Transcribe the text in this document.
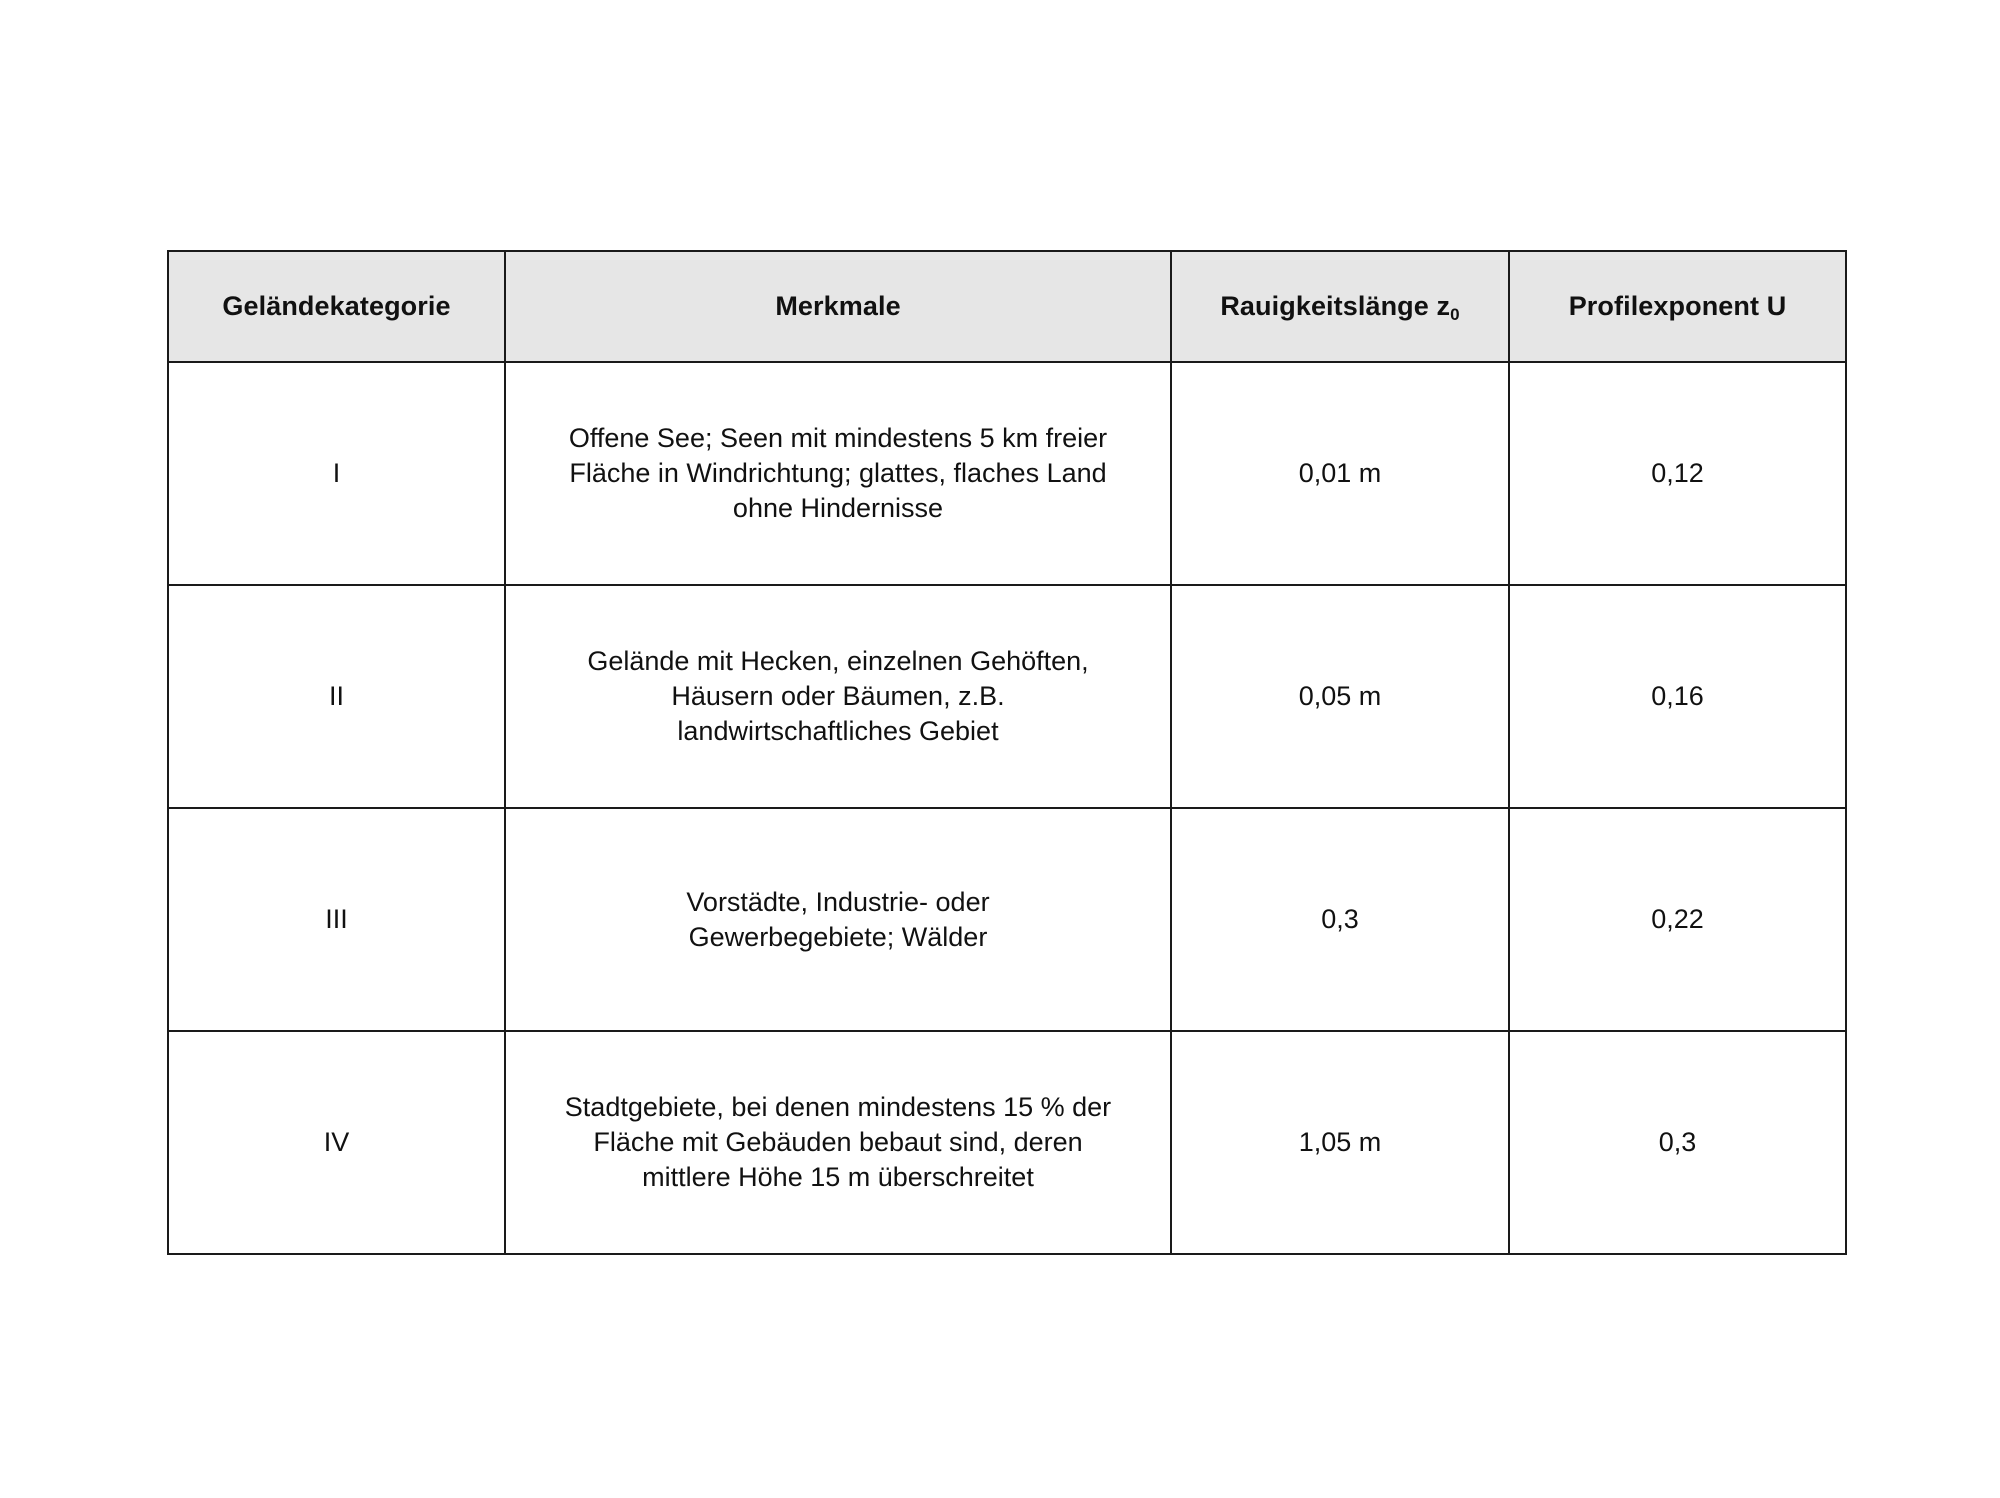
Geländekategorie	Merkmale	Rauigkeitslänge $z_0$	Profilexponent U
I	Offene See; Seen mit mindestens 5 km freier Fläche in Windrichtung; glattes, flaches Land ohne Hindernisse	0,01 m	0,12
II	Gelände mit Hecken, einzelnen Gehöften, Häusern oder Bäumen, z.B. landwirtschaftliches Gebiet	0,05 m	0,16
III	Vorstädte, Industrie- oder Gewerbegebiete; Wälder	0,3	0,22
IV	Stadtgebiete, bei denen mindestens 15 % der Fläche mit Gebäuden bebaut sind, deren mittlere Höhe 15 m überschreitet	1,05 m	0,3
